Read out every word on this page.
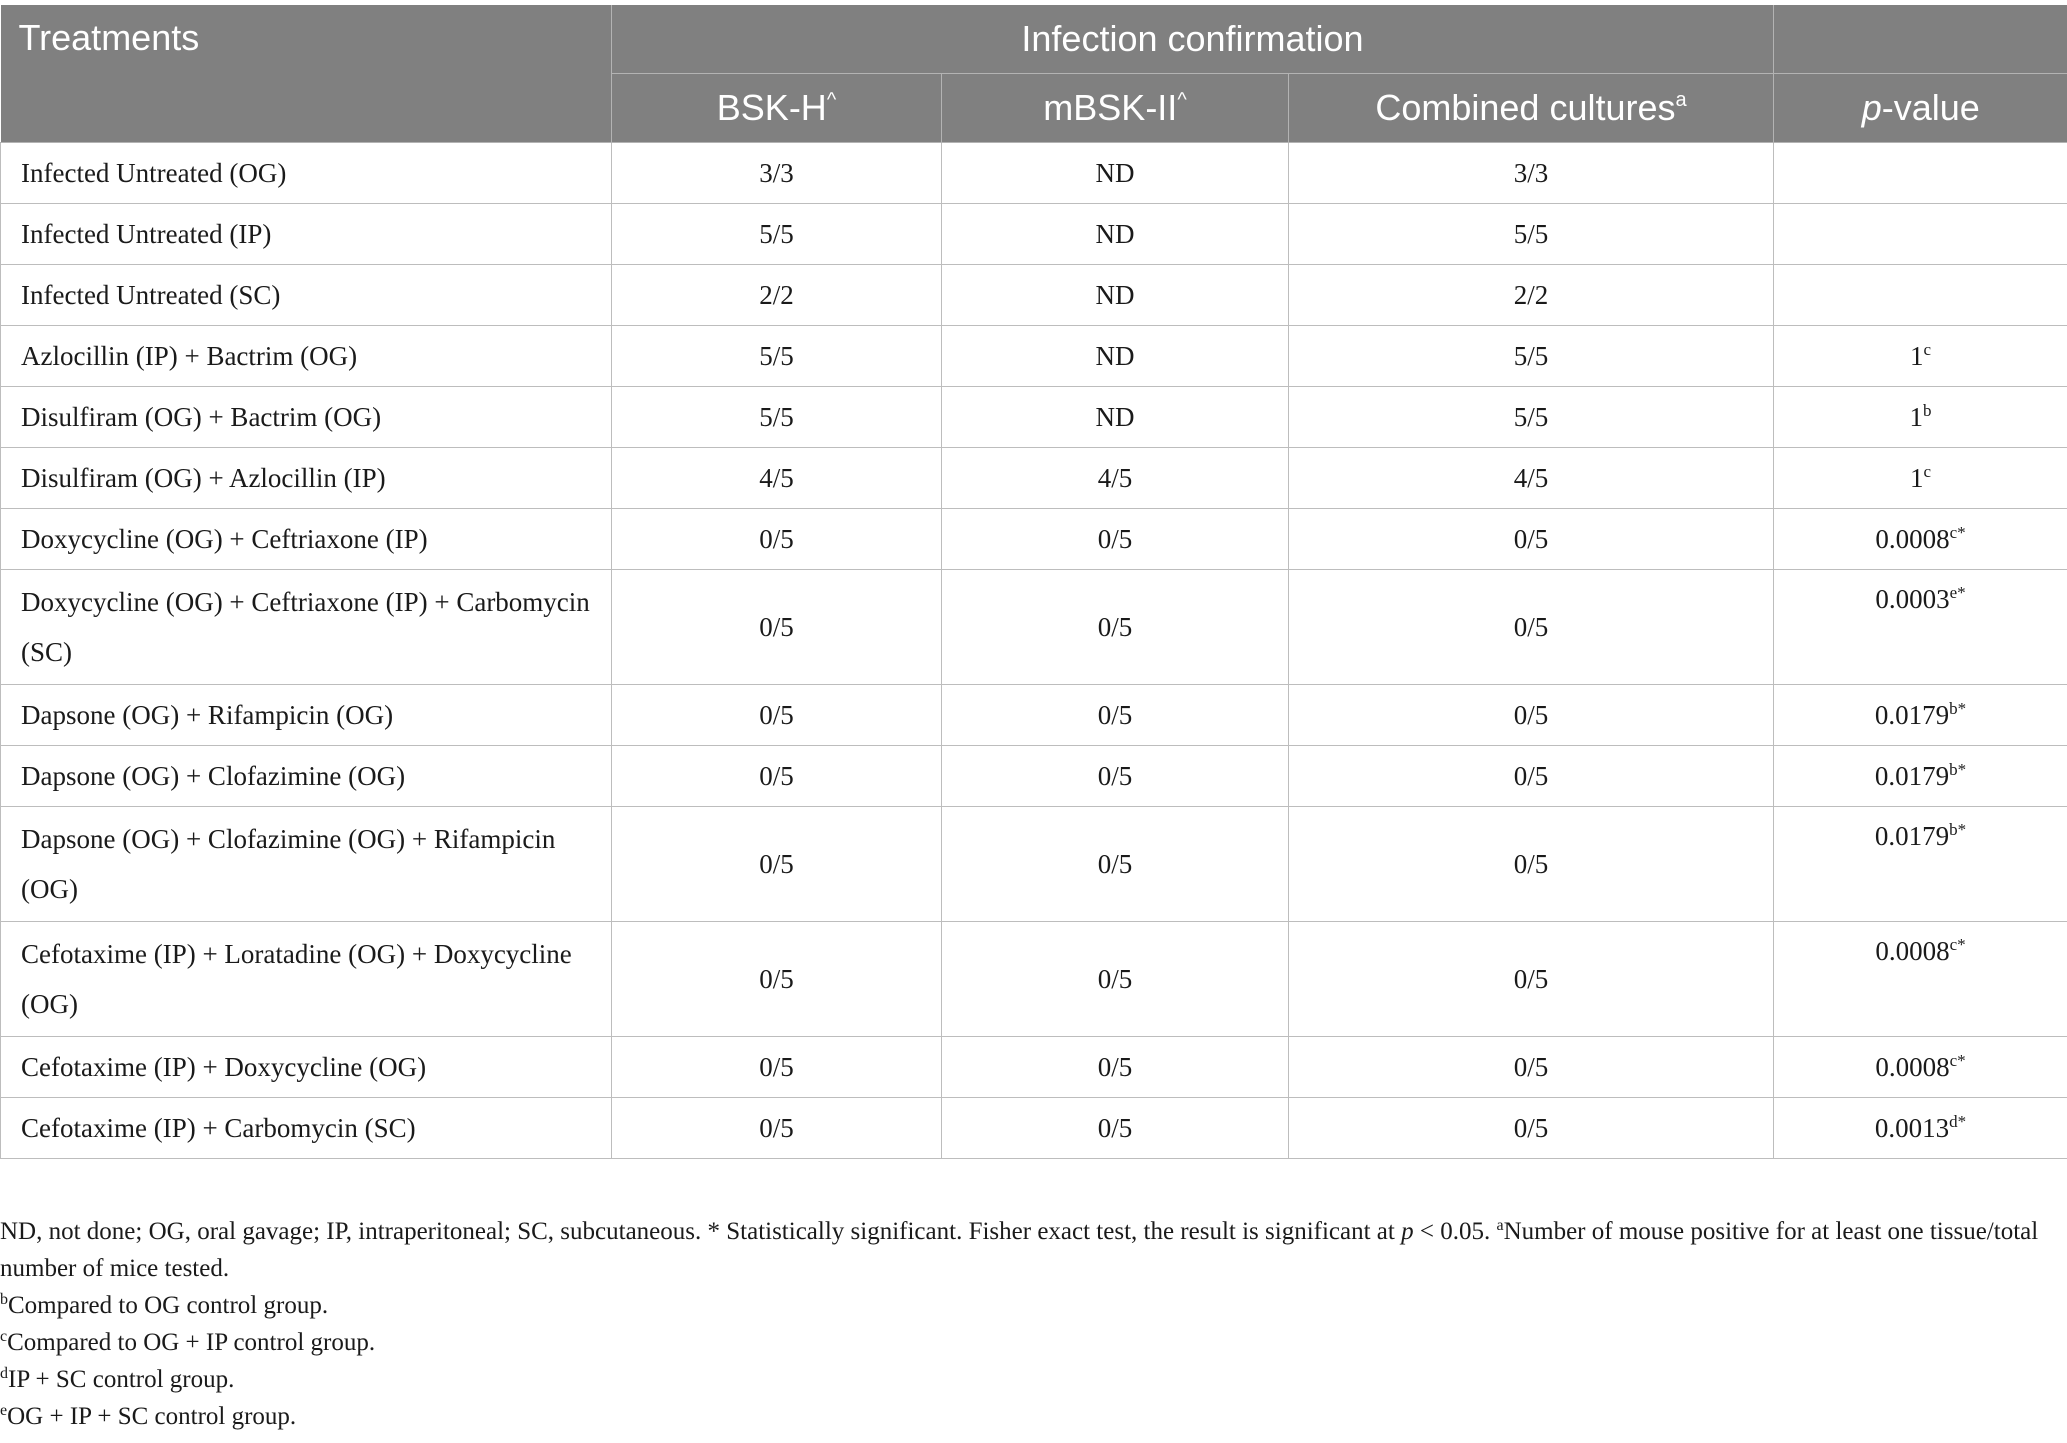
Treatments	Infection confirmation			
	BSK-H^	mBSK-II^	Combined cultures$^a$	p-value
Infected Untreated (OG)	3/3	ND	3/3	
Infected Untreated (IP)	5/5	ND	5/5	
Infected Untreated (SC)	2/2	ND	2/2	
Azlocillin (IP) + Bactrim (OG)	5/5	ND	5/5	1$^c$
Disulfiram (OG) + Bactrim (OG)	5/5	ND	5/5	1$^b$
Disulfiram (OG) + Azlocillin (IP)	4/5	4/5	4/5	1$^c$
Doxycycline (OG) + Ceftriaxone (IP)	0/5	0/5	0/5	$0.0008^{c*}$
Doxycycline (OG) + Ceftriaxone (IP) + Carbomycin (SC)	0/5	0/5	0/5	$0.0003^{e*}$
Dapsone (OG) + Rifampicin (OG)	0/5	0/5	0/5	$0.0179^{b*}$
Dapsone (OG) + Clofazimine (OG)	0/5	0/5	0/5	$0.0179^{b*}$
Dapsone (OG) + Clofazimine (OG) + Rifampicin (OG)	0/5	0/5	0/5	$0.0179^{b*}$
Cefotaxime (IP) + Loratadine (OG) + Doxycycline (OG)	0/5	0/5	0/5	$0.0008^{c*}$
Cefotaxime (IP) + Doxycycline (OG)	0/5	0/5	0/5	$0.0008^{c*}$
Cefotaxime (IP) + Carbomycin (SC)	0/5	0/5	0/5	$0.0013^{d*}$

ND, not done; OG, oral gavage; IP, intraperitoneal; SC, subcutaneous. * Statistically significant. Fisher exact test, the result is significant at p < 0.05. $^a$Number of mouse positive for at least one tissue/total number of mice tested.

$^b$Compared to OG control group.

$^c$Compared to OG + IP control group.

$^d$IP + SC control group.

$^e$OG + IP + SC control group.
